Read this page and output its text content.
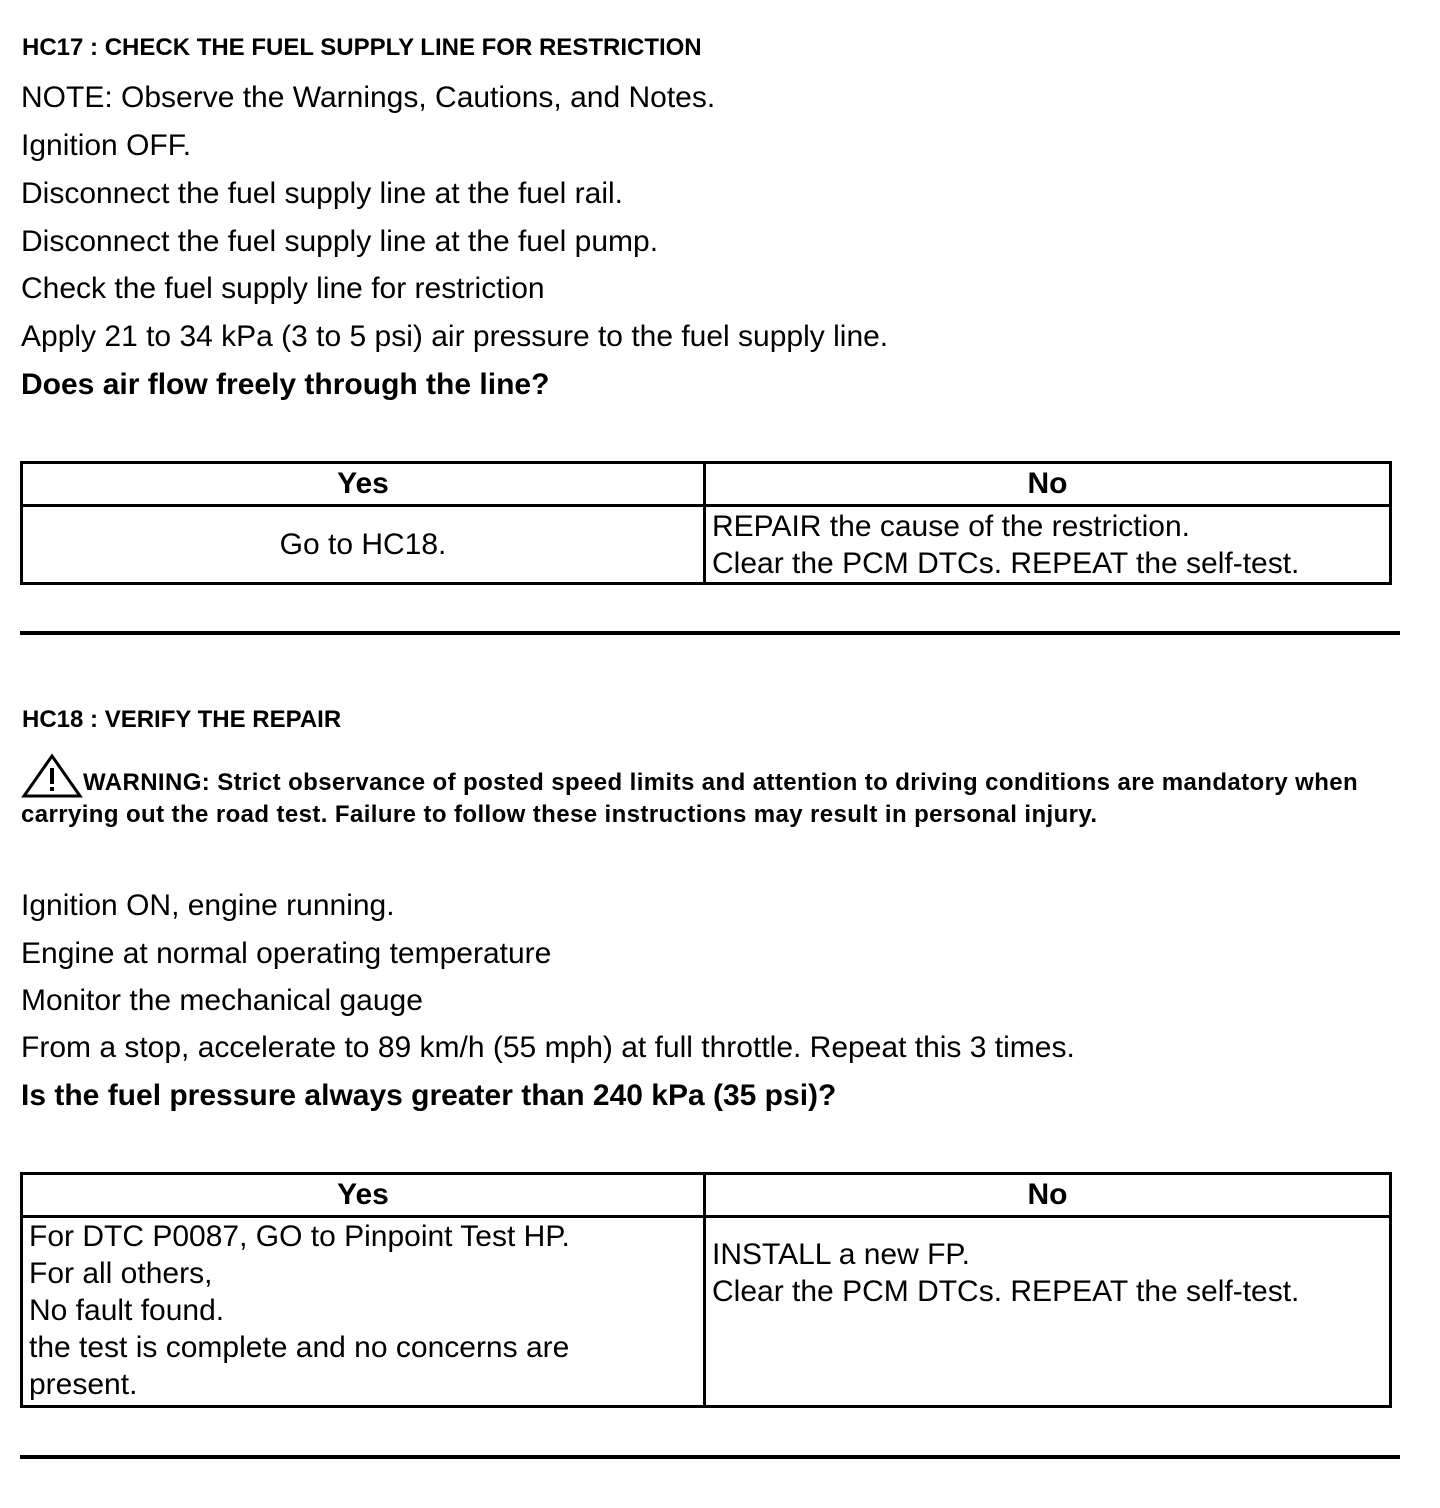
HC17 : CHECK THE FUEL SUPPLY LINE FOR RESTRICTION
NOTE: Observe the Warnings, Cautions, and Notes.
Ignition OFF.
Disconnect the fuel supply line at the fuel rail.
Disconnect the fuel supply line at the fuel pump.
Check the fuel supply line for restriction
Apply 21 to 34 kPa (3 to 5 psi) air pressure to the fuel supply line.
Does air flow freely through the line?
Yes	No

Go to HC18.	REPAIR the cause of the restriction.
Clear the PCM DTCs. REPEAT the self-test.
HC18 : VERIFY THE REPAIR
WARNING: Strict observance of posted speed limits and attention to driving conditions are mandatory when carrying out the road test. Failure to follow these instructions may result in personal injury.
Ignition ON, engine running.
Engine at normal operating temperature
Monitor the mechanical gauge
From a stop, accelerate to 89 km/h (55 mph) at full throttle. Repeat this 3 times.
Is the fuel pressure always greater than 240 kPa (35 psi)?
Yes	No

For DTC P0087, GO to Pinpoint Test HP.
For all others,
No fault found.
the test is complete and no concerns are
present.	INSTALL a new FP.
Clear the PCM DTCs. REPEAT the self-test.
